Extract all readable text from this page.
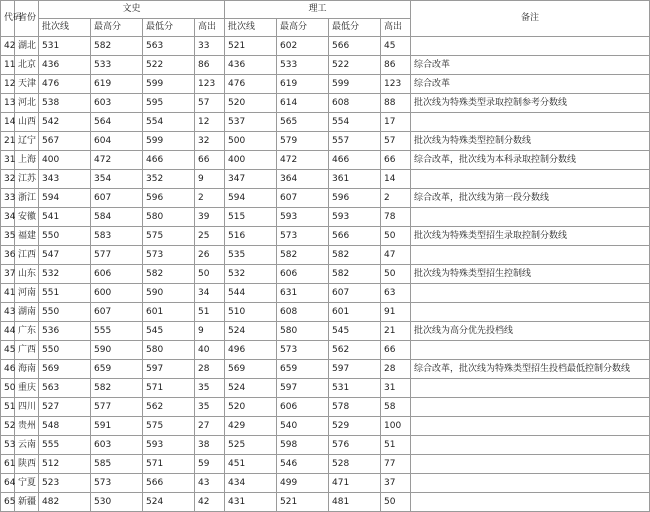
代码	省份	文史				理工				备注
		批次线	最高分	最低分	高出	批次线	最高分	最低分	高出	
42	湖北	531	582	563	33	521	602	566	45	
11	北京	436	533	522	86	436	533	522	86	综合改革
12	天津	476	619	599	123	476	619	599	123	综合改革
13	河北	538	603	595	57	520	614	608	88	批次线为特殊类型录取控制参考分数线
14	山西	542	564	554	12	537	565	554	17	
21	辽宁	567	604	599	32	500	579	557	57	批次线为特殊类型控制分数线
31	上海	400	472	466	66	400	472	466	66	综合改革，批次线为本科录取控制分数线
32	江苏	343	354	352	9	347	364	361	14	
33	浙江	594	607	596	2	594	607	596	2	综合改革，批次线为第一段分数线
34	安徽	541	584	580	39	515	593	593	78	
35	福建	550	583	575	25	516	573	566	50	批次线为特殊类型招生录取控制分数线
36	江西	547	577	573	26	535	582	582	47	
37	山东	532	606	582	50	532	606	582	50	批次线为特殊类型招生控制线
41	河南	551	600	590	34	544	631	607	63	
43	湖南	550	607	601	51	510	608	601	91	
44	广东	536	555	545	9	524	580	545	21	批次线为高分优先投档线
45	广西	550	590	580	40	496	573	562	66	
46	海南	569	659	597	28	569	659	597	28	综合改革，批次线为特殊类型招生投档最低控制分数线
50	重庆	563	582	571	35	524	597	531	31	
51	四川	527	577	562	35	520	606	578	58	
52	贵州	548	591	575	27	429	540	529	100	
53	云南	555	603	593	38	525	598	576	51	
61	陕西	512	585	571	59	451	546	528	77	
64	宁夏	523	573	566	43	434	499	471	37	
65	新疆	482	530	524	42	431	521	481	50	
